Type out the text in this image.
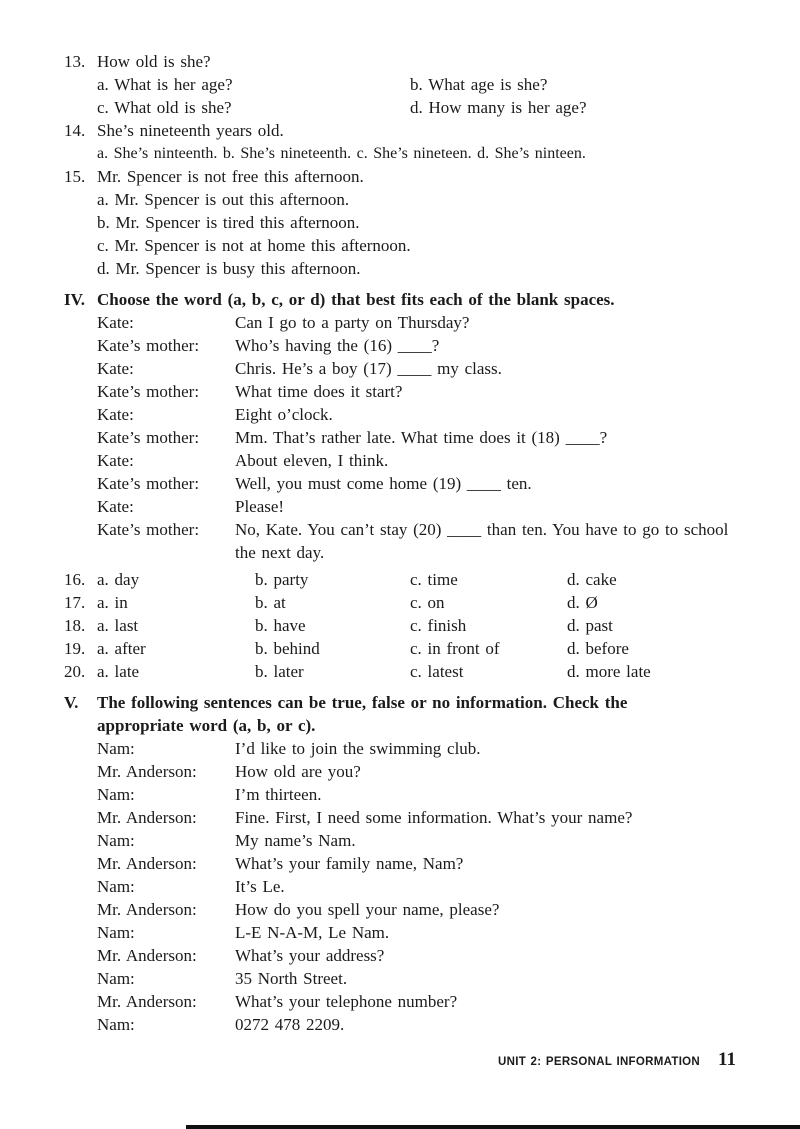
13. How old is she?
a. What is her age?	b. What age is she?
c. What old is she?	d. How many is her age?
14. She’s nineteenth years old.
a. She’s ninteenth. b. She’s nineteenth. c. She’s nineteen. d. She’s ninteen.
15. Mr. Spencer is not free this afternoon.
a. Mr. Spencer is out this afternoon.
b. Mr. Spencer is tired this afternoon.
c. Mr. Spencer is not at home this afternoon.
d. Mr. Spencer is busy this afternoon.
IV. Choose the word (a, b, c, or d) that best fits each of the blank spaces.
Kate:	Can I go to a party on Thursday?
Kate’s mother:	Who’s having the (16) ____?
Kate:	Chris. He’s a boy (17) ____ my class.
Kate’s mother:	What time does it start?
Kate:	Eight o’clock.
Kate’s mother:	Mm. That’s rather late. What time does it (18) ____?
Kate:	About eleven, I think.
Kate’s mother:	Well, you must come home (19) ____ ten.
Kate:	Please!
Kate’s mother:	No, Kate. You can’t stay (20) ____ than ten. You have to go to school the next day.
16. a. day	b. party	c. time	d. cake
17. a. in	b. at	c. on	d. Ø
18. a. last	b. have	c. finish	d. past
19. a. after	b. behind	c. in front of	d. before
20. a. late	b. later	c. latest	d. more late
V.	The following sentences can be true, false or no information. Check the appropriate word (a, b, or c).
Nam:	I’d like to join the swimming club.
Mr. Anderson:	How old are you?
Nam:	I’m thirteen.
Mr. Anderson:	Fine. First, I need some information. What’s your name?
Nam:	My name’s Nam.
Mr. Anderson:	What’s your family name, Nam?
Nam:	It’s Le.
Mr. Anderson:	How do you spell your name, please?
Nam:	L-E N-A-M, Le Nam.
Mr. Anderson:	What’s your address?
Nam:	35 North Street.
Mr. Anderson:	What’s your telephone number?
Nam:	0272 478 2209.
UNIT 2: PERSONAL INFORMATION 11
